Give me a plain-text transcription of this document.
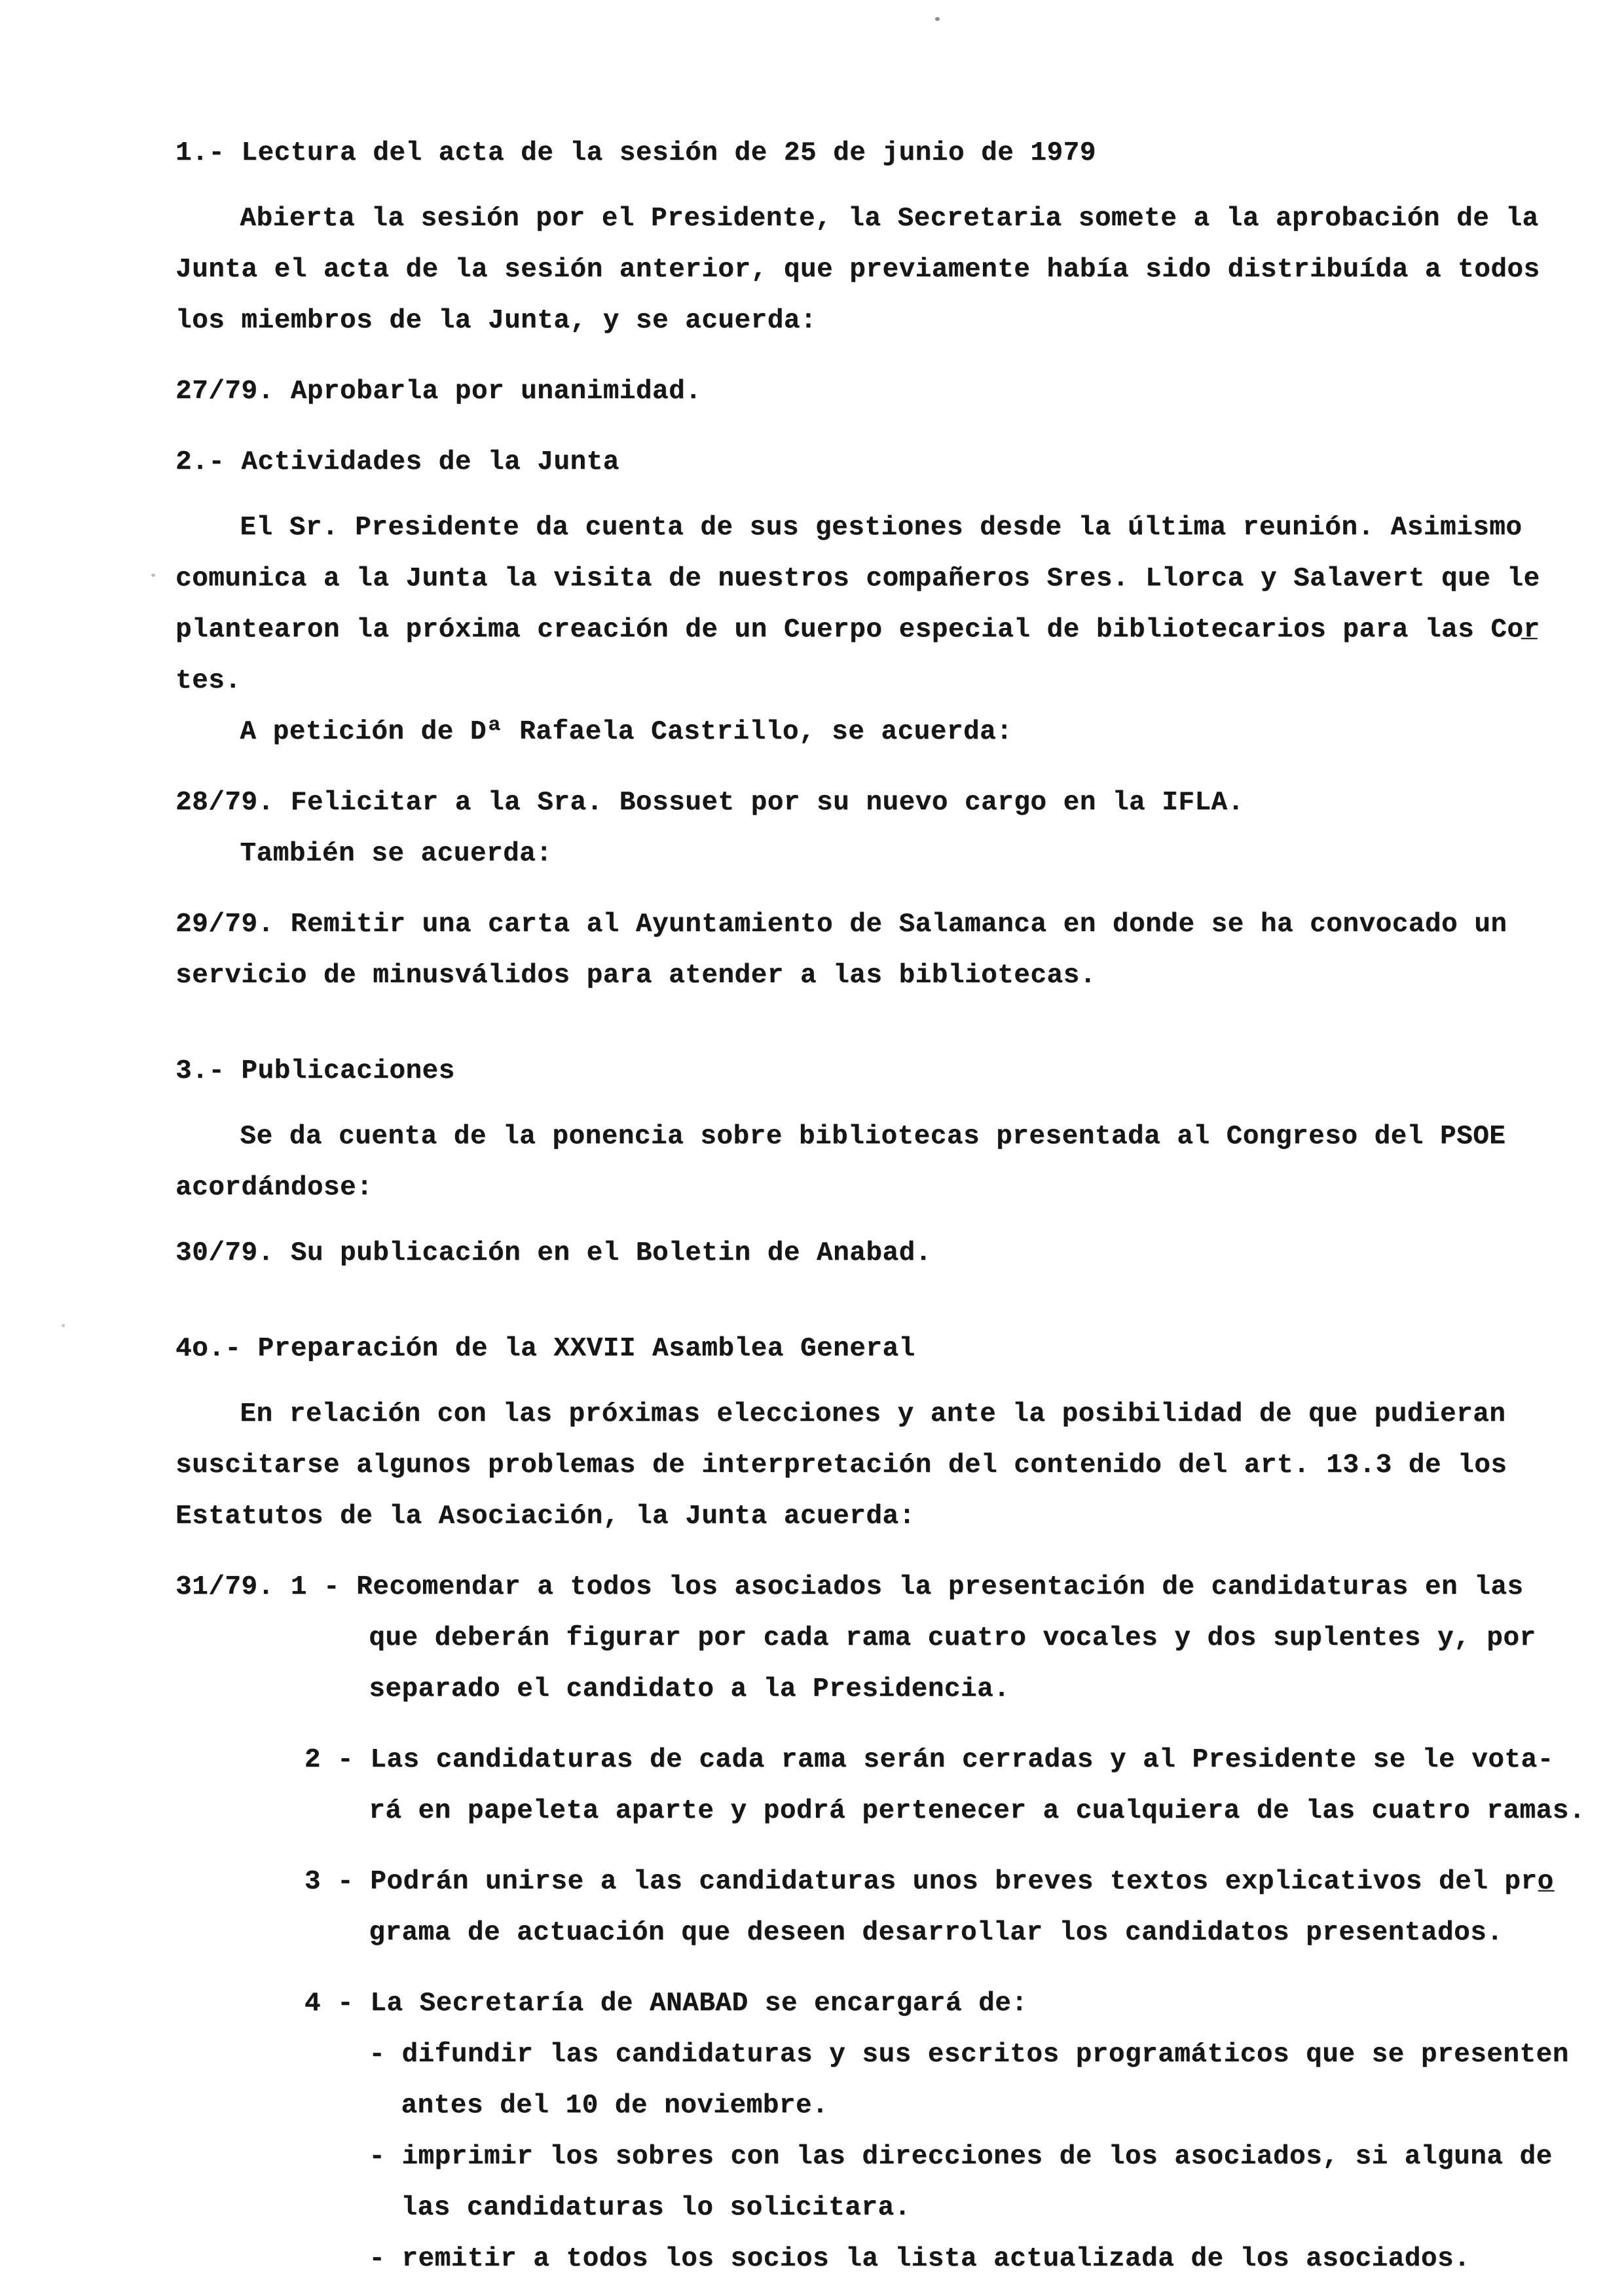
1.- Lectura del acta de la sesión de 25 de junio de 1979
Abierta la sesión por el Presidente, la Secretaria somete a la aprobación de la
Junta el acta de la sesión anterior, que previamente había sido distribuída a todos
los miembros de la Junta, y se acuerda:
27/79. Aprobarla por unanimidad.
2.- Actividades de la Junta
El Sr. Presidente da cuenta de sus gestiones desde la última reunión. Asimismo
comunica a la Junta la visita de nuestros compañeros Sres. Llorca y Salavert que le
plantearon la próxima creación de un Cuerpo especial de bibliotecarios para las Cor̲
tes.
A petición de Dª Rafaela Castrillo, se acuerda:
28/79. Felicitar a la Sra. Bossuet por su nuevo cargo en la IFLA.
También se acuerda:
29/79. Remitir una carta al Ayuntamiento de Salamanca en donde se ha convocado un
servicio de minusválidos para atender a las bibliotecas.
3.- Publicaciones
Se da cuenta de la ponencia sobre bibliotecas presentada al Congreso del PSOE
acordándose:
30/79. Su publicación en el Boletin de Anabad.
4o.- Preparación de la XXVII Asamblea General
En relación con las próximas elecciones y ante la posibilidad de que pudieran
suscitarse algunos problemas de interpretación del contenido del art. 13.3 de los
Estatutos de la Asociación, la Junta acuerda:
31/79. 1 - Recomendar a todos los asociados la presentación de candidaturas en las
que deberán figurar por cada rama cuatro vocales y dos suplentes y, por
separado el candidato a la Presidencia.
2 - Las candidaturas de cada rama serán cerradas y al Presidente se le vota-
rá en papeleta aparte y podrá pertenecer a cualquiera de las cuatro ramas.
3 - Podrán unirse a las candidaturas unos breves textos explicativos del pro̲
grama de actuación que deseen desarrollar los candidatos presentados.
4 - La Secretaría de ANABAD se encargará de:
- difundir las candidaturas y sus escritos programáticos que se presenten
antes del 10 de noviembre.
- imprimir los sobres con las direcciones de los asociados, si alguna de
las candidaturas lo solicitara.
- remitir a todos los socios la lista actualizada de los asociados.
